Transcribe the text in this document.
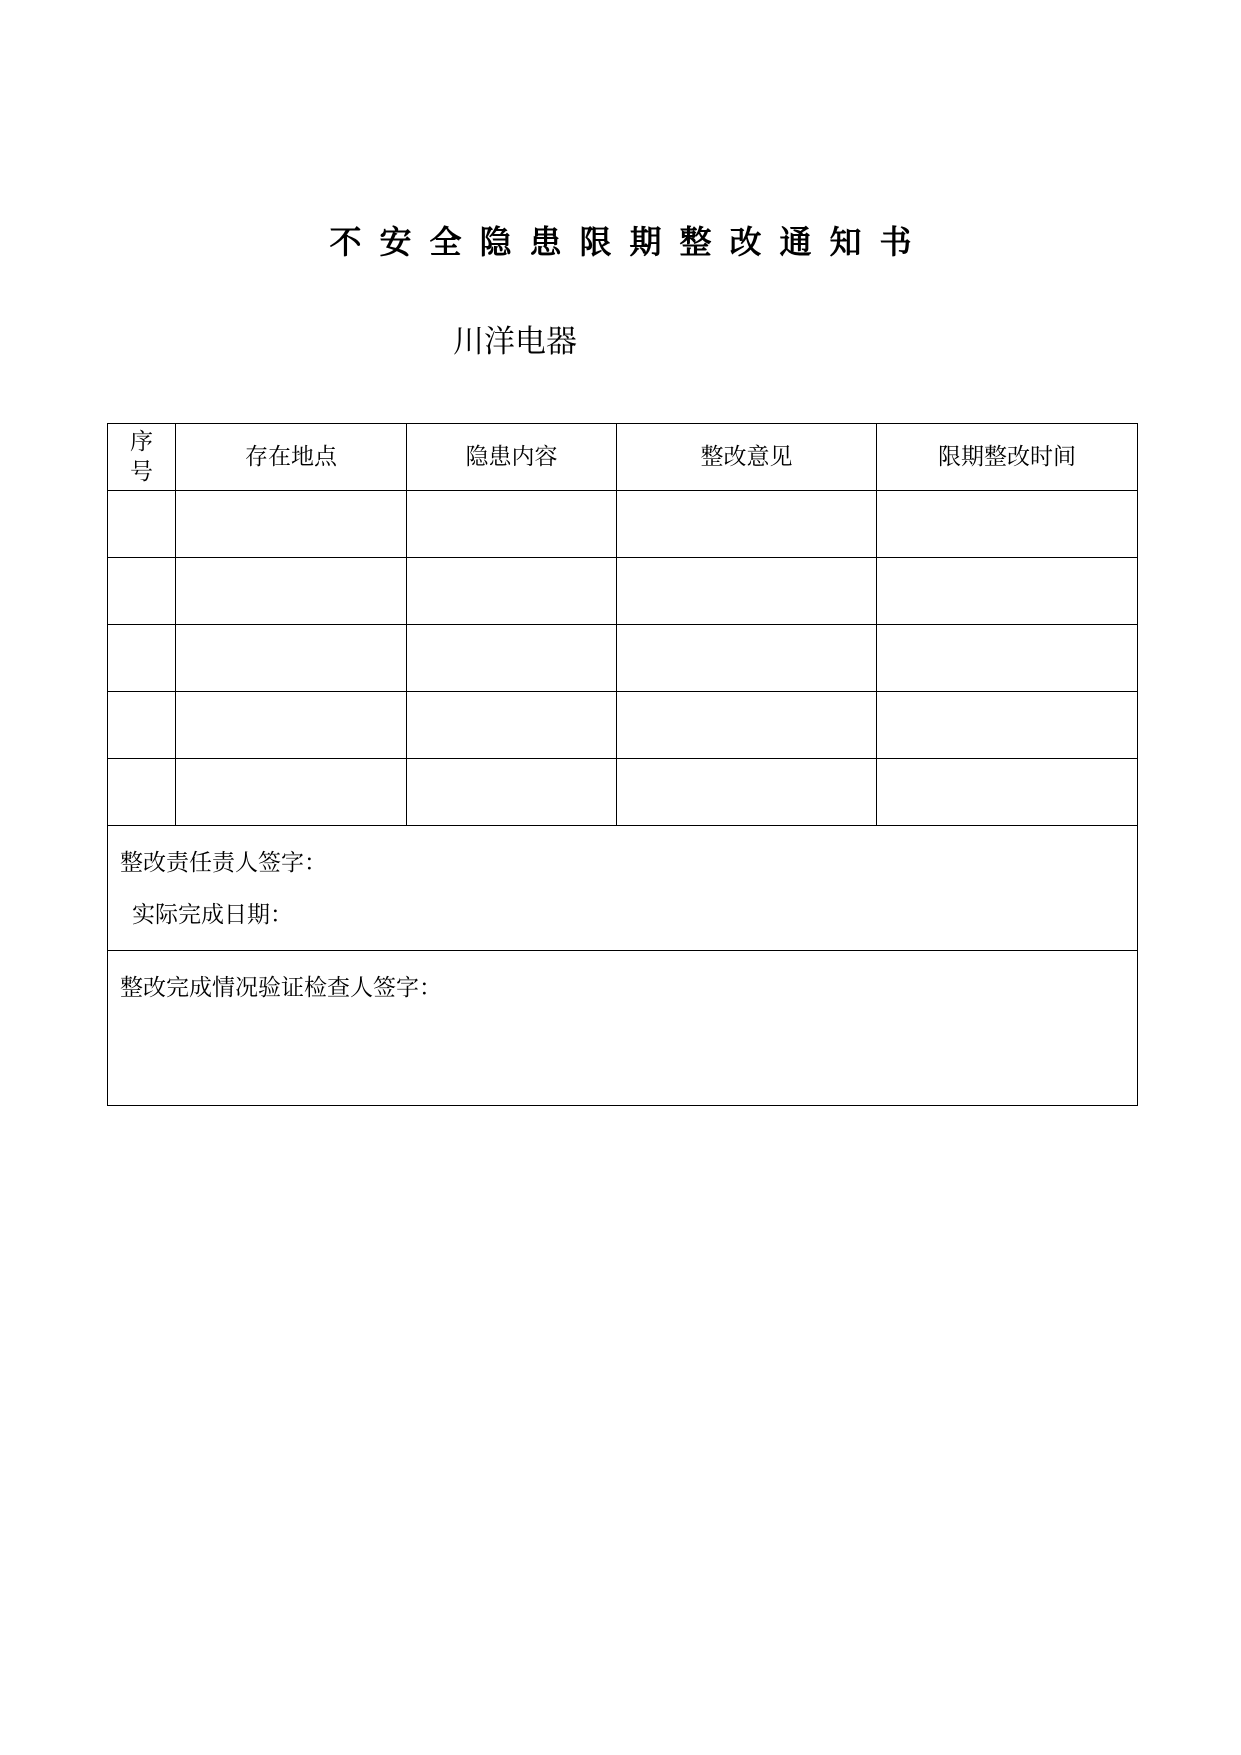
不安全隐患限期整改通知书
川洋电器
序号	存在地点	隐患内容	整改意见	限期整改时间

整改责任责人签字：
实际完成日期：				

整改完成情况验证检查人签字：				
